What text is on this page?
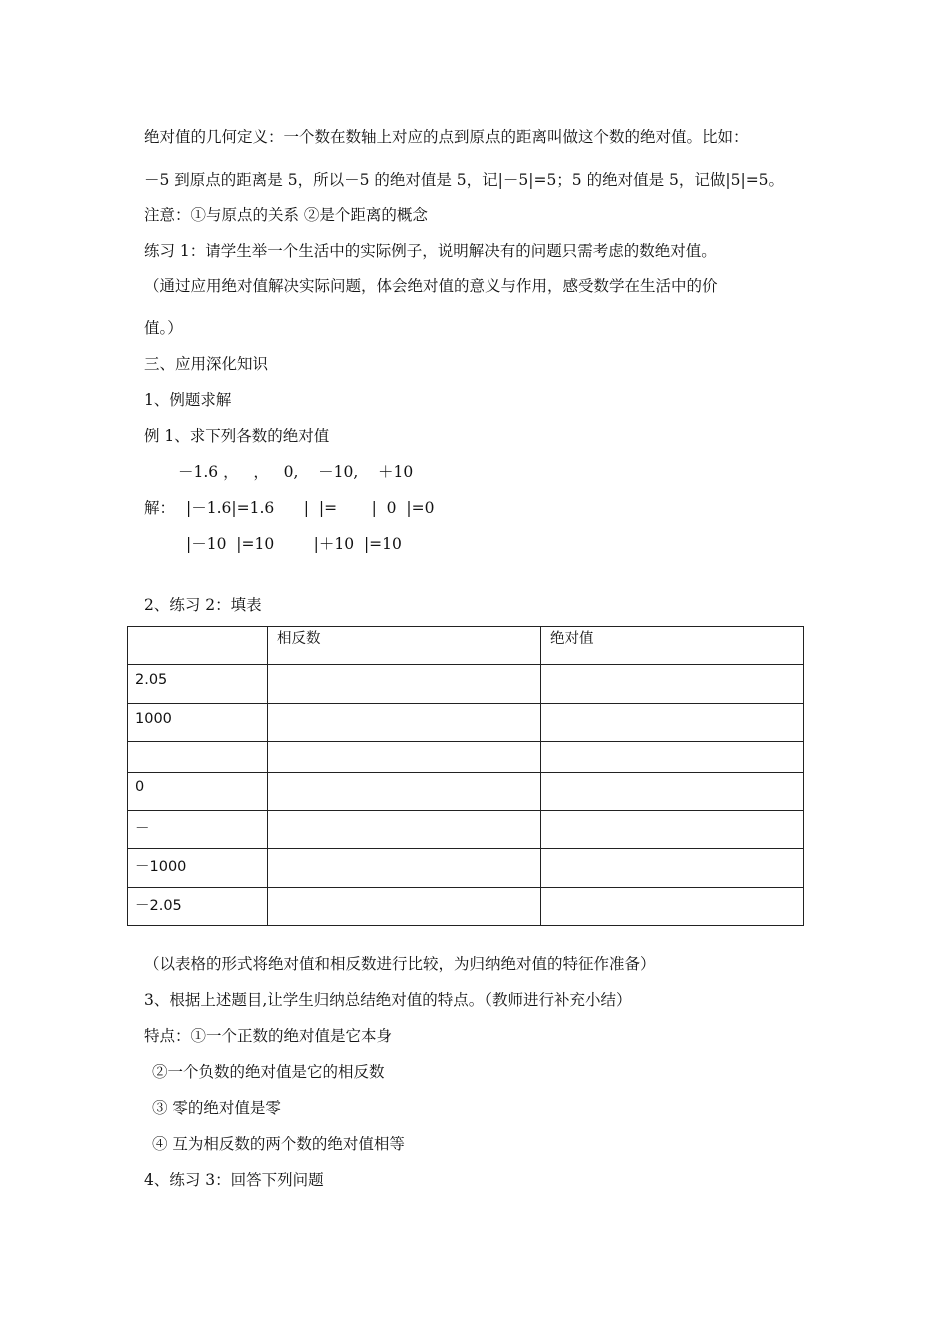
绝对值的几何定义：一个数在数轴上对应的点到原点的距离叫做这个数的绝对值。比如：
－5 到原点的距离是 5，所以－5 的绝对值是 5，记|－5|=5；5 的绝对值是 5，记做|5|=5。
注意：①与原点的关系 ②是个距离的概念
练习 1：请学生举一个生活中的实际例子，说明解决有的问题只需考虑的数绝对值。
（通过应用绝对值解决实际问题，体会绝对值的意义与作用，感受数学在生活中的价
值。）
三、应用深化知识
1、例题求解
例 1、求下列各数的绝对值
－1.6 ，   ，   0,    －10,    ＋10
解： |－1.6|=1.6      |  |=       |  0  |=0
|－10  |=10        |＋10  |=10
2、练习 2：填表
	相反数	绝对值
2.05		
1000		

0		
－		
－1000		
－2.05		
（以表格的形式将绝对值和相反数进行比较，为归纳绝对值的特征作准备）
3、根据上述题目,让学生归纳总结绝对值的特点。（教师进行补充小结）
特点：①一个正数的绝对值是它本身
②一个负数的绝对值是它的相反数
③ 零的绝对值是零
④ 互为相反数的两个数的绝对值相等
4、练习 3：回答下列问题
